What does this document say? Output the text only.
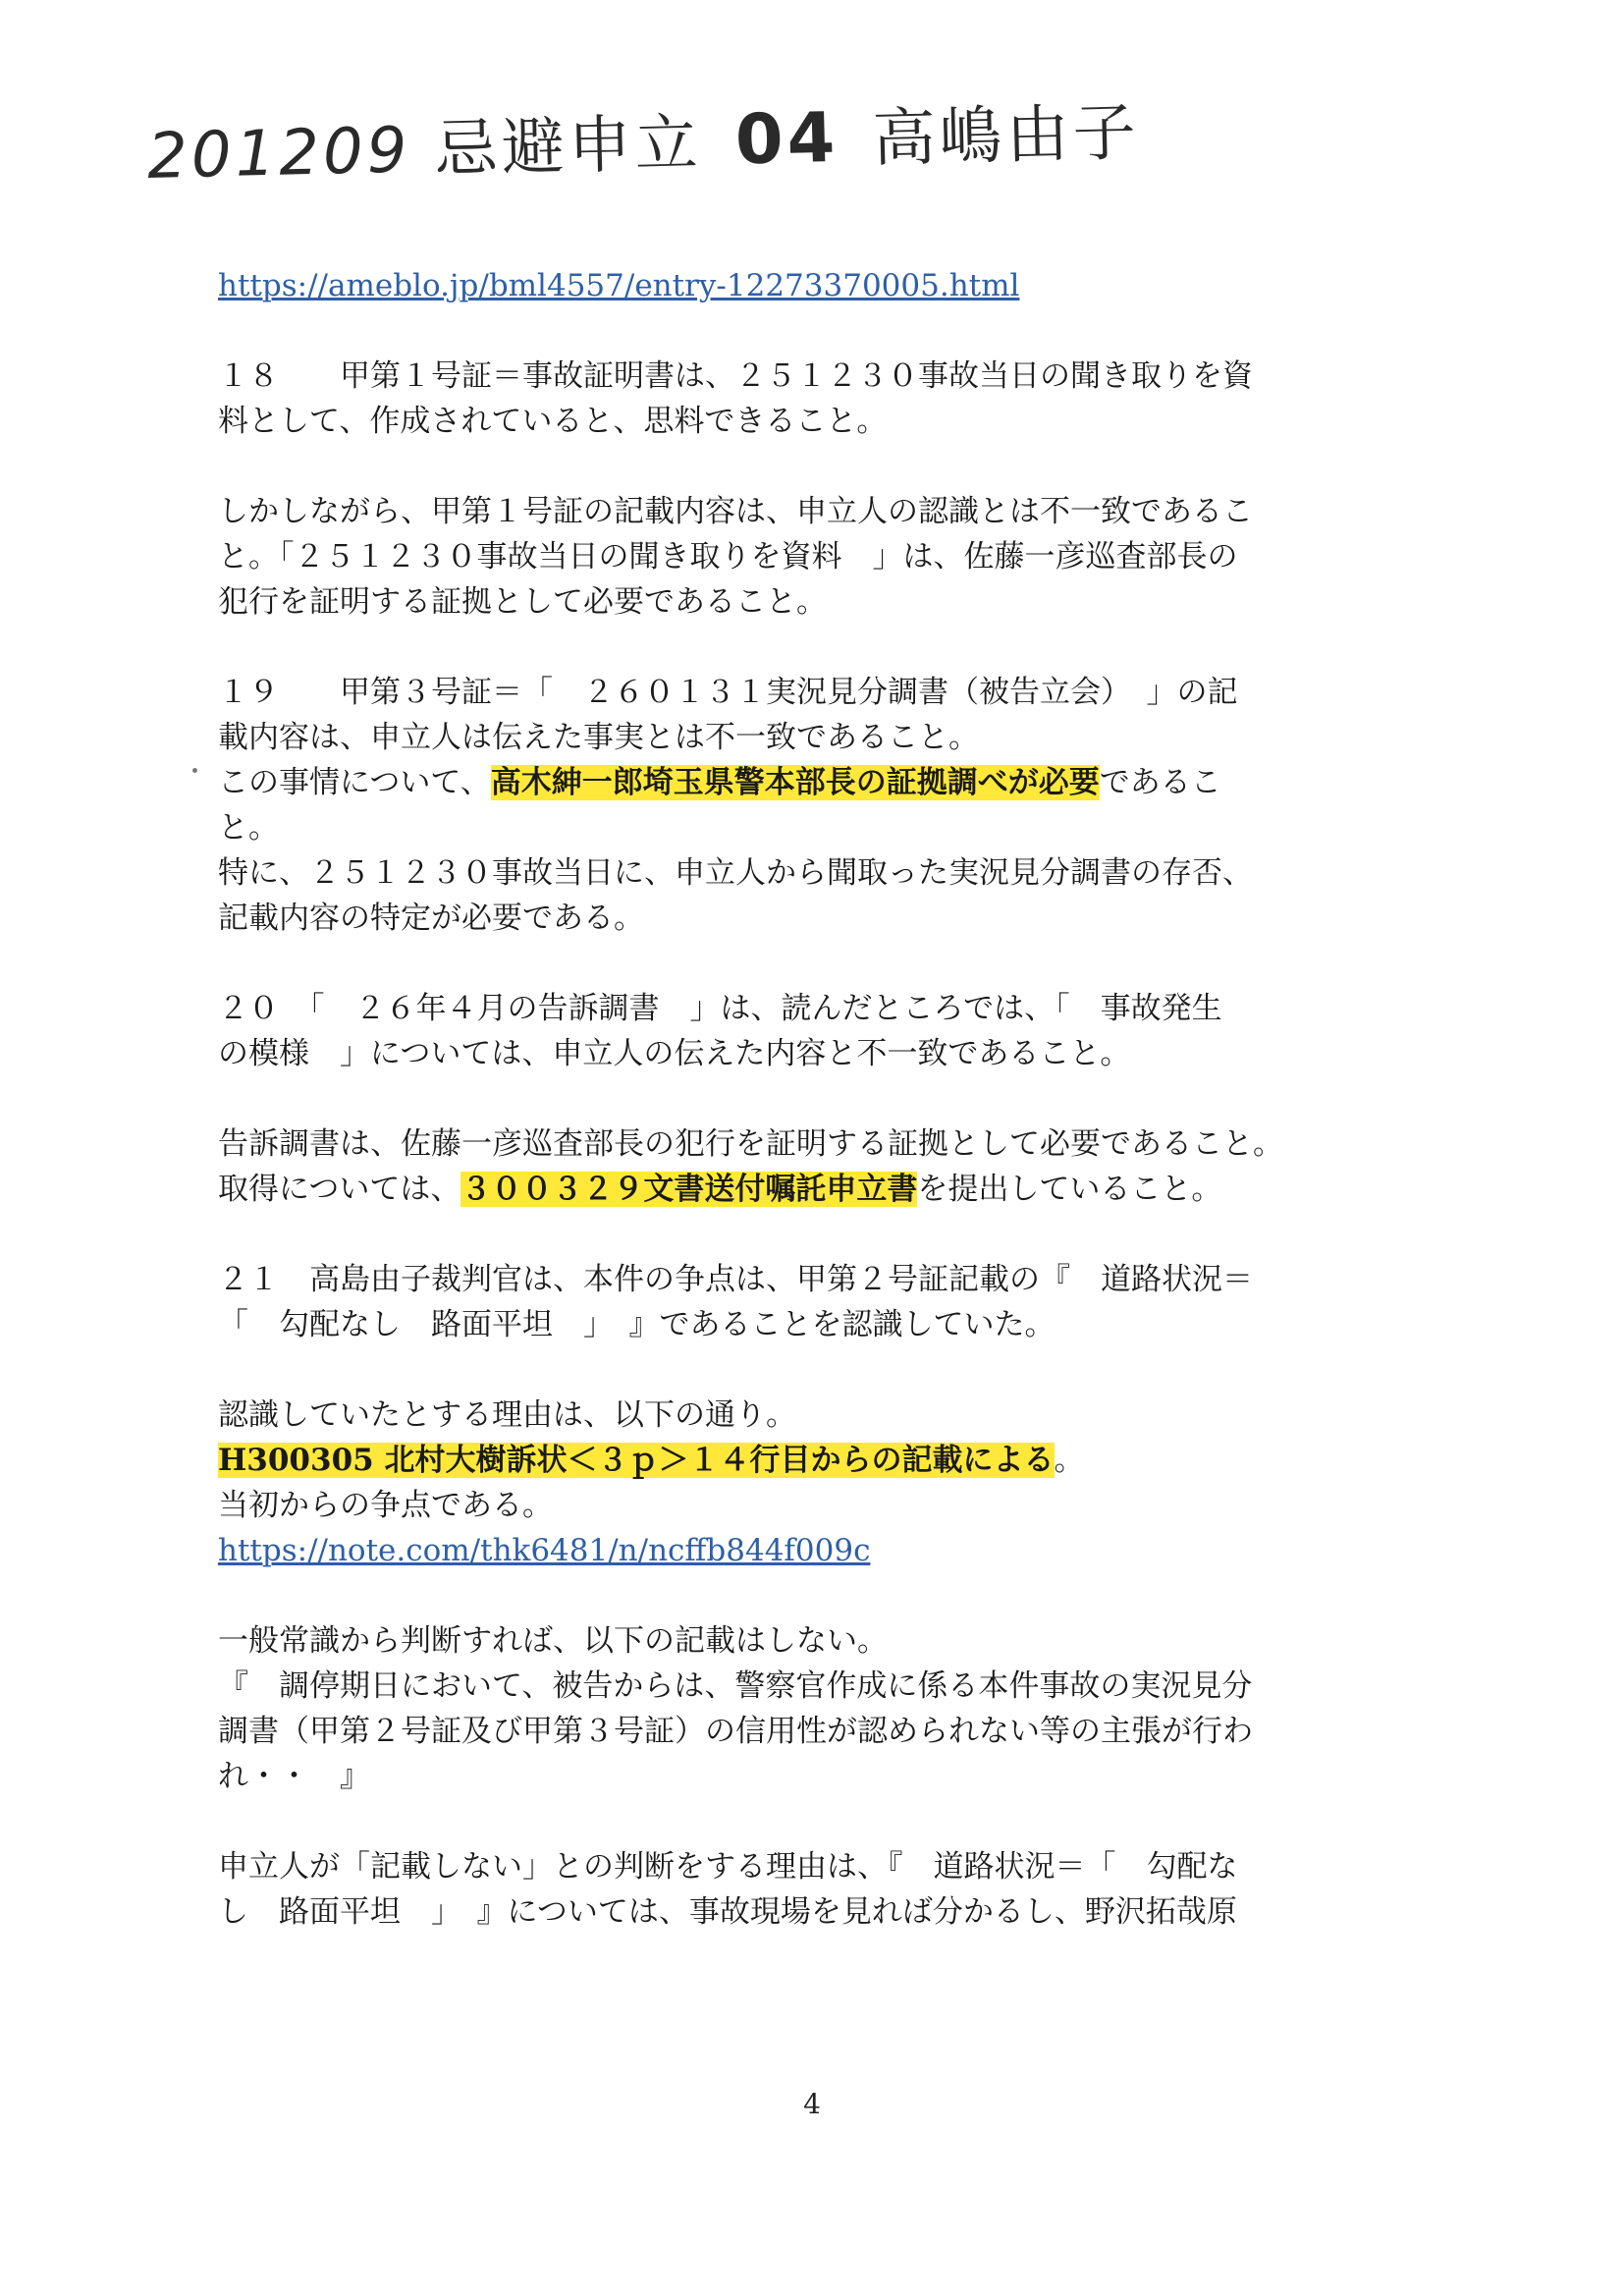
201209 忌避申立 04 高嶋由子
https://ameblo.jp/bml4557/entry-12273370005.html
１８　　甲第１号証＝事故証明書は、２５１２３０事故当日の聞き取りを資
料として、作成されていると、思料できること。
しかしながら、甲第１号証の記載内容は、申立人の認識とは不一致であるこ
と。「２５１２３０事故当日の聞き取りを資料　」は、佐藤一彦巡査部長の
犯行を証明する証拠として必要であること。
１９　　甲第３号証＝「　２６０１３１実況見分調書（被告立会）　」の記
載内容は、申立人は伝えた事実とは不一致であること。
この事情について、高木紳一郎埼玉県警本部長の証拠調べが必要であるこ
と。
特に、２５１２３０事故当日に、申立人から聞取った実況見分調書の存否、
記載内容の特定が必要である。
２０　「　２６年４月の告訴調書　」は、読んだところでは、「　事故発生
の模様　」については、申立人の伝えた内容と不一致であること。
告訴調書は、佐藤一彦巡査部長の犯行を証明する証拠として必要であること。
取得については、３００３２９文書送付嘱託申立書を提出していること。
２１　高島由子裁判官は、本件の争点は、甲第２号証記載の『　道路状況＝
「　勾配なし　路面平坦　」　』であることを認識していた。
認識していたとする理由は、以下の通り。
H300305 北村大樹訴状＜３ｐ＞１４行目からの記載による。
当初からの争点である。
https://note.com/thk6481/n/ncffb844f009c
一般常識から判断すれば、以下の記載はしない。
『　調停期日において、被告からは、警察官作成に係る本件事故の実況見分
調書（甲第２号証及び甲第３号証）の信用性が認められない等の主張が行わ
れ・・　』
申立人が「記載しない」との判断をする理由は、『　道路状況＝「　勾配な
し　路面平坦　」　』については、事故現場を見れば分かるし、野沢拓哉原
4
